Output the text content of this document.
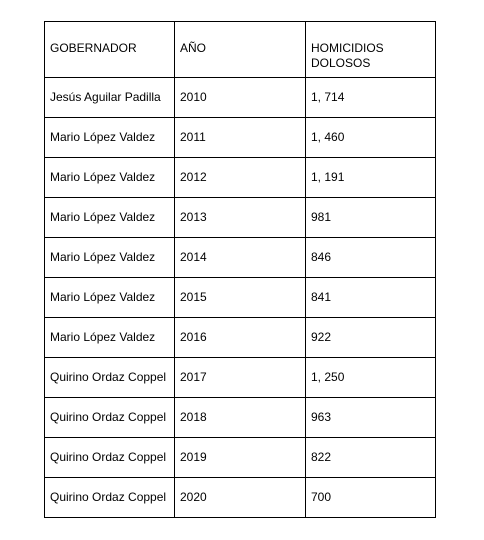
GOBERNADOR	AÑO	HOMICIDIOS DOLOSOS
Jesús Aguilar Padilla	2010	1, 714
Mario López Valdez	2011	1, 460
Mario López Valdez	2012	1, 191
Mario López Valdez	2013	981
Mario López Valdez	2014	846
Mario López Valdez	2015	841
Mario López Valdez	2016	922
Quirino Ordaz Coppel	2017	1, 250
Quirino Ordaz Coppel	2018	963
Quirino Ordaz Coppel	2019	822
Quirino Ordaz Coppel	2020	700
